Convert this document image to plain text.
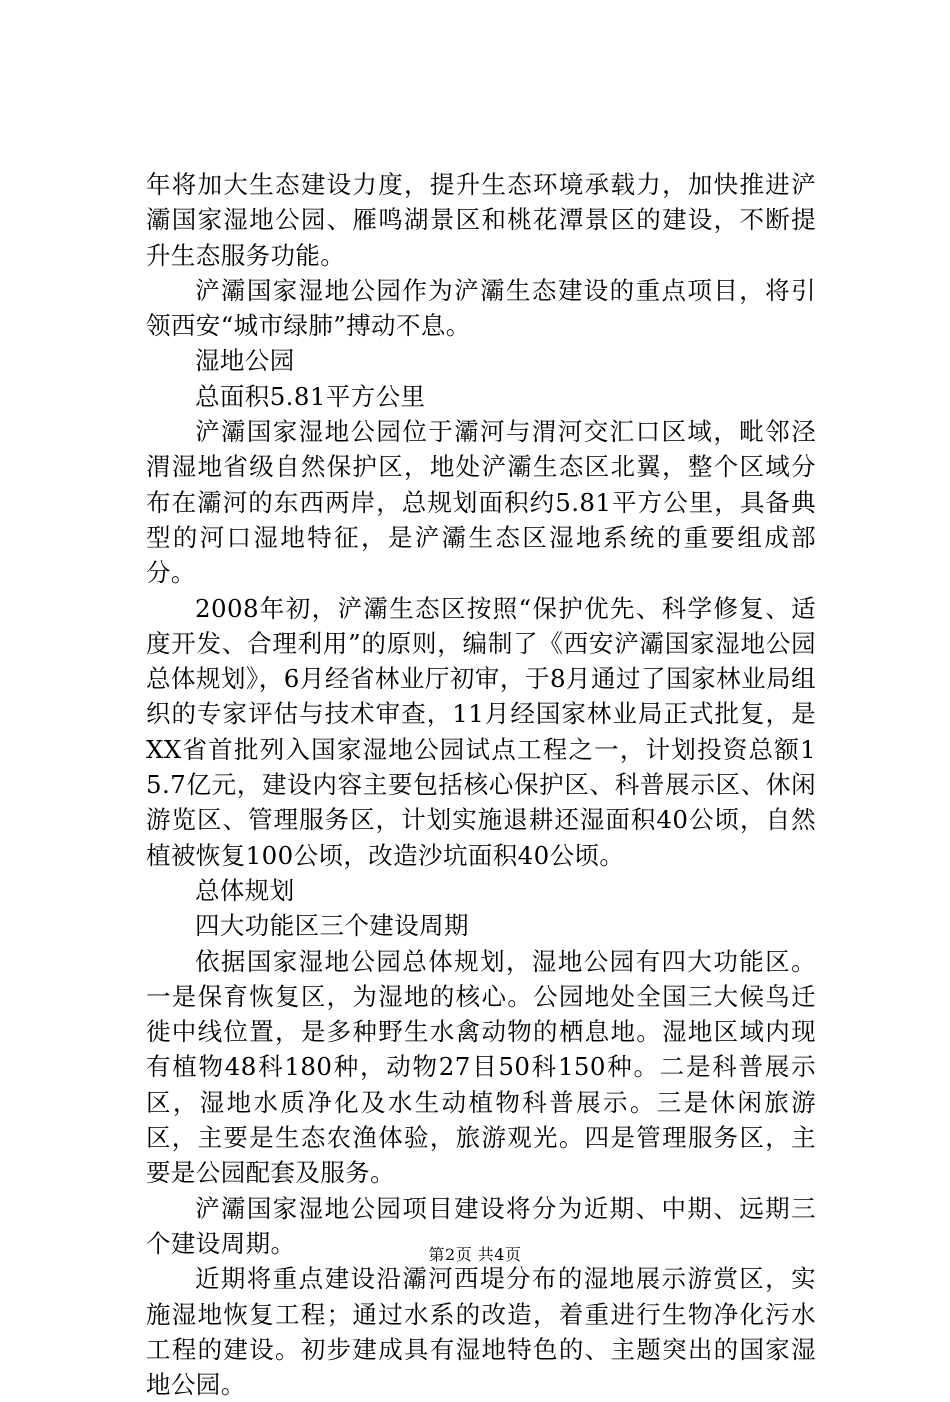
年将加大生态建设力度，提升生态环境承载力，加快推进浐灞国家湿地公园、雁鸣湖景区和桃花潭景区的建设，不断提升生态服务功能。

浐灞国家湿地公园作为浐灞生态建设的重点项目，将引领西安“城市绿肺”搏动不息。

湿地公园

总面积5.81平方公里

浐灞国家湿地公园位于灞河与渭河交汇口区域，毗邻泾渭湿地省级自然保护区，地处浐灞生态区北翼，整个区域分布在灞河的东西两岸，总规划面积约5.81平方公里，具备典型的河口湿地特征，是浐灞生态区湿地系统的重要组成部分。

2008年初，浐灞生态区按照“保护优先、科学修复、适度开发、合理利用”的原则，编制了《西安浐灞国家湿地公园总体规划》，6月经省林业厅初审，于8月通过了国家林业局组织的专家评估与技术审查，11月经国家林业局正式批复，是XX省首批列入国家湿地公园试点工程之一，计划投资总额15.7亿元，建设内容主要包括核心保护区、科普展示区、休闲游览区、管理服务区，计划实施退耕还湿面积40公顷，自然植被恢复100公顷，改造沙坑面积40公顷。

总体规划

四大功能区三个建设周期

依据国家湿地公园总体规划，湿地公园有四大功能区。一是保育恢复区，为湿地的核心。公园地处全国三大候鸟迁徙中线位置，是多种野生水禽动物的栖息地。湿地区域内现有植物48科180种，动物27目50科150种。二是科普展示区，湿地水质净化及水生动植物科普展示。三是休闲旅游区，主要是生态农渔体验，旅游观光。四是管理服务区，主要是公园配套及服务。

浐灞国家湿地公园项目建设将分为近期、中期、远期三个建设周期。

近期将重点建设沿灞河西堤分布的湿地展示游赏区，实施湿地恢复工程；通过水系的改造，着重进行生物净化污水工程的建设。初步建成具有湿地特色的、主题突出的国家湿地公园。

第2页 共4页
